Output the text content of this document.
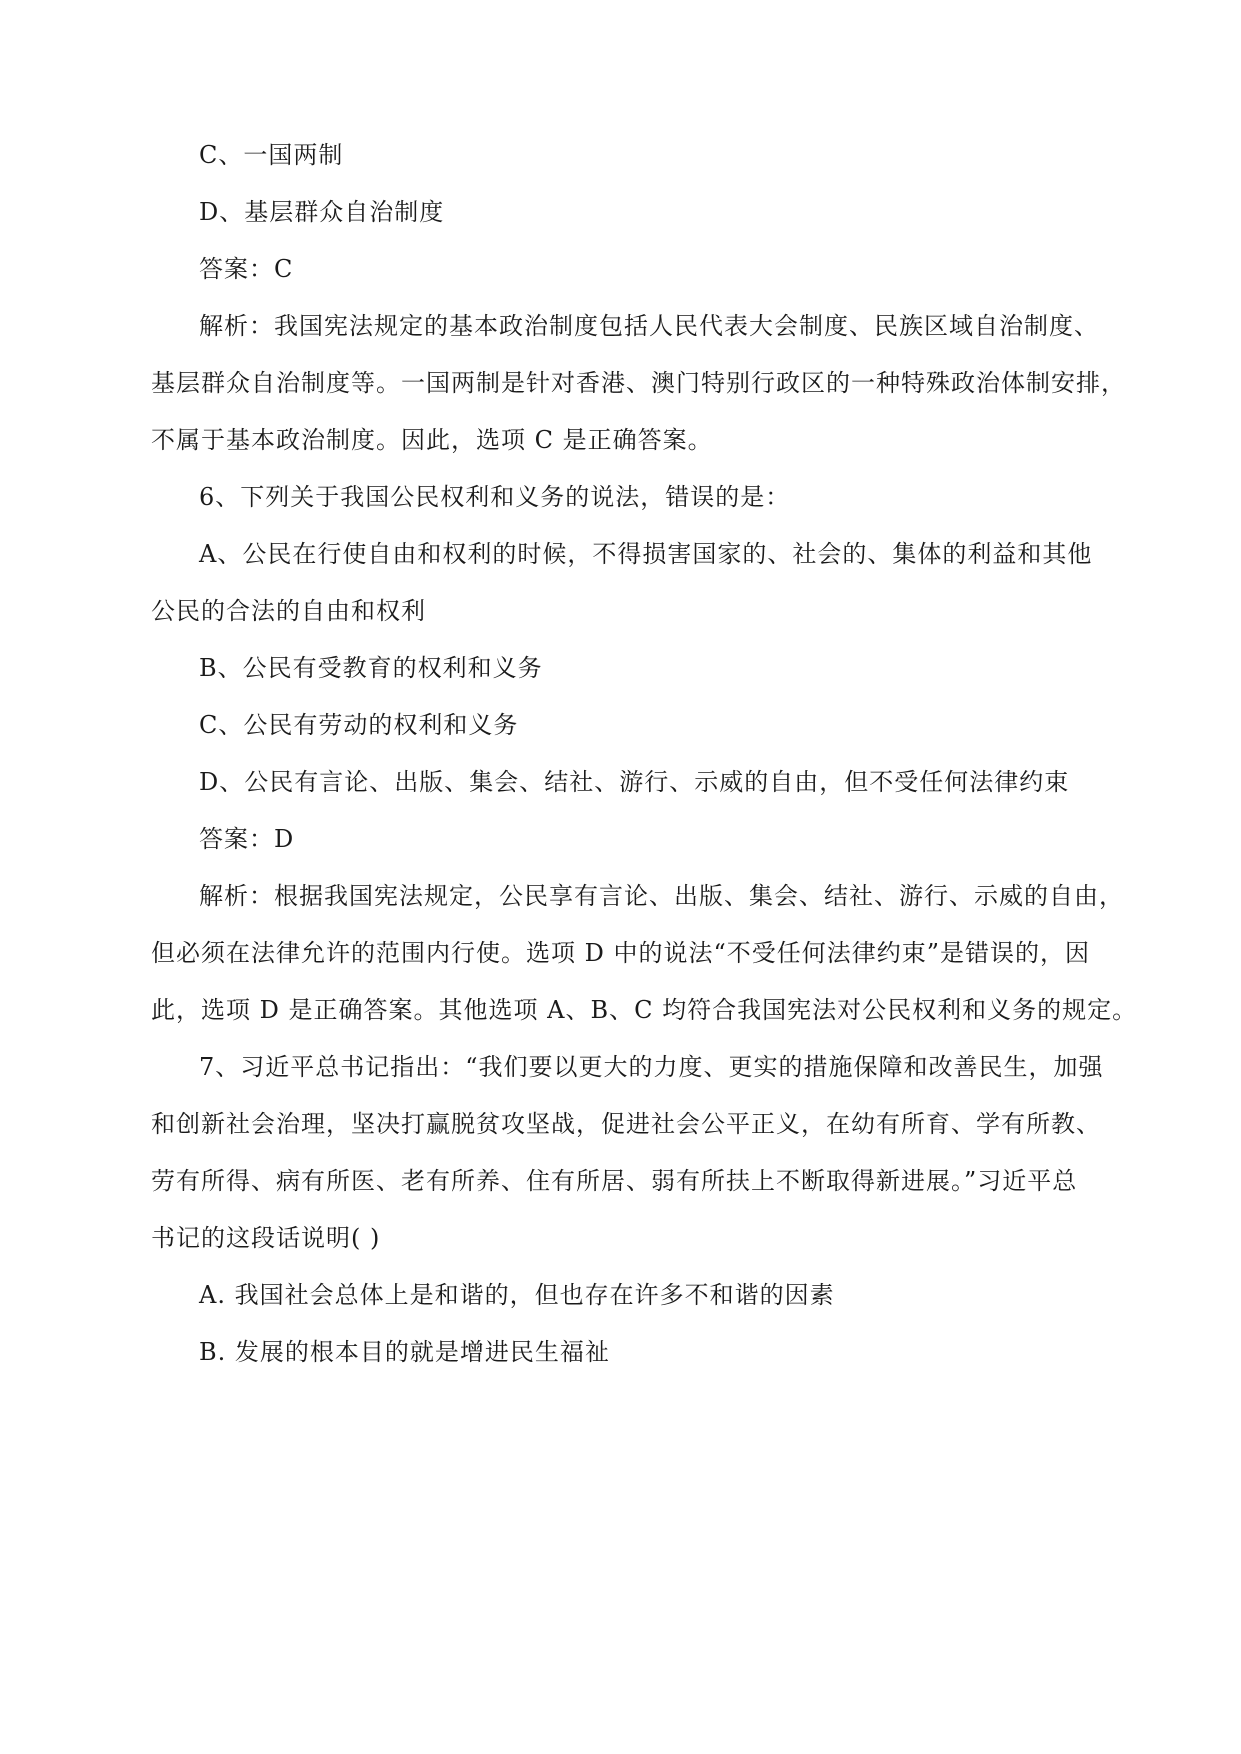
C、一国两制
D、基层群众自治制度
答案：C
解析：我国宪法规定的基本政治制度包括人民代表大会制度、民族区域自治制度、
基层群众自治制度等。一国两制是针对香港、澳门特别行政区的一种特殊政治体制安排，
不属于基本政治制度。因此，选项 C 是正确答案。
6、下列关于我国公民权利和义务的说法，错误的是：
A、公民在行使自由和权利的时候，不得损害国家的、社会的、集体的利益和其他
公民的合法的自由和权利
B、公民有受教育的权利和义务
C、公民有劳动的权利和义务
D、公民有言论、出版、集会、结社、游行、示威的自由，但不受任何法律约束
答案：D
解析：根据我国宪法规定，公民享有言论、出版、集会、结社、游行、示威的自由，
但必须在法律允许的范围内行使。选项 D 中的说法“不受任何法律约束”是错误的，因
此，选项 D 是正确答案。其他选项 A、B、C 均符合我国宪法对公民权利和义务的规定。
7、习近平总书记指出：“我们要以更大的力度、更实的措施保障和改善民生，加强
和创新社会治理，坚决打赢脱贫攻坚战，促进社会公平正义，在幼有所育、学有所教、
劳有所得、病有所医、老有所养、住有所居、弱有所扶上不断取得新进展。”习近平总
书记的这段话说明( )
A. 我国社会总体上是和谐的，但也存在许多不和谐的因素
B. 发展的根本目的就是增进民生福祉
